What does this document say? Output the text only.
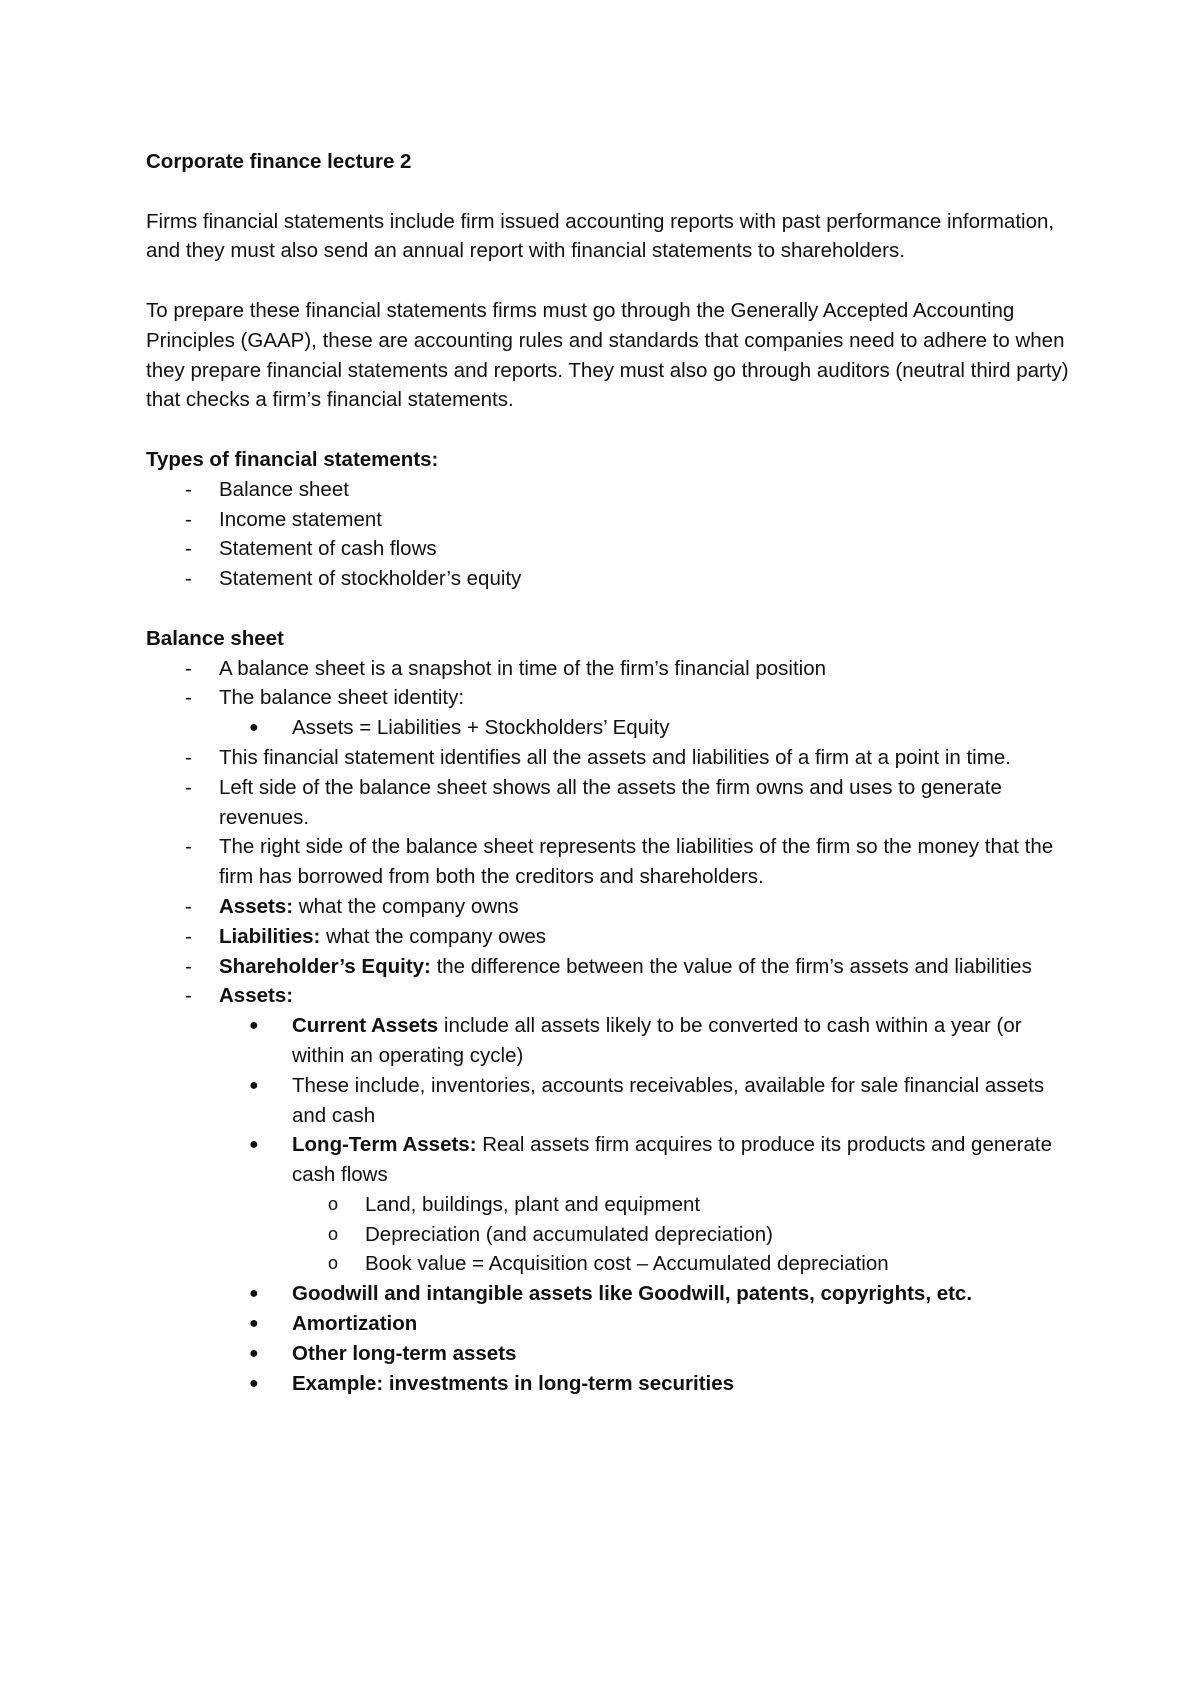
Corporate finance lecture 2

Firms financial statements include firm issued accounting reports with past performance information, and they must also send an annual report with financial statements to shareholders.

To prepare these financial statements firms must go through the Generally Accepted Accounting Principles (GAAP), these are accounting rules and standards that companies need to adhere to when they prepare financial statements and reports. They must also go through auditors (neutral third party) that checks a firm’s financial statements.

Types of financial statements:

- Balance sheet
- Income statement
- Statement of cash flows
- Statement of stockholder’s equity

Balance sheet

- A balance sheet is a snapshot in time of the firm’s financial position
- The balance sheet identity:
● Assets = Liabilities + Stockholders’ Equity
- This financial statement identifies all the assets and liabilities of a firm at a point in time.
- Left side of the balance sheet shows all the assets the firm owns and uses to generate revenues.
- The right side of the balance sheet represents the liabilities of the firm so the money that the firm has borrowed from both the creditors and shareholders.
- Assets: what the company owns
- Liabilities: what the company owes
- Shareholder’s Equity: the difference between the value of the firm’s assets and liabilities
- Assets:
● Current Assets include all assets likely to be converted to cash within a year (or within an operating cycle)
● These include, inventories, accounts receivables, available for sale financial assets and cash
● Long-Term Assets: Real assets firm acquires to produce its products and generate cash flows
o Land, buildings, plant and equipment
o Depreciation (and accumulated depreciation)
o Book value = Acquisition cost – Accumulated depreciation
● Goodwill and intangible assets like Goodwill, patents, copyrights, etc.
● Amortization
● Other long-term assets
● Example: investments in long-term securities
